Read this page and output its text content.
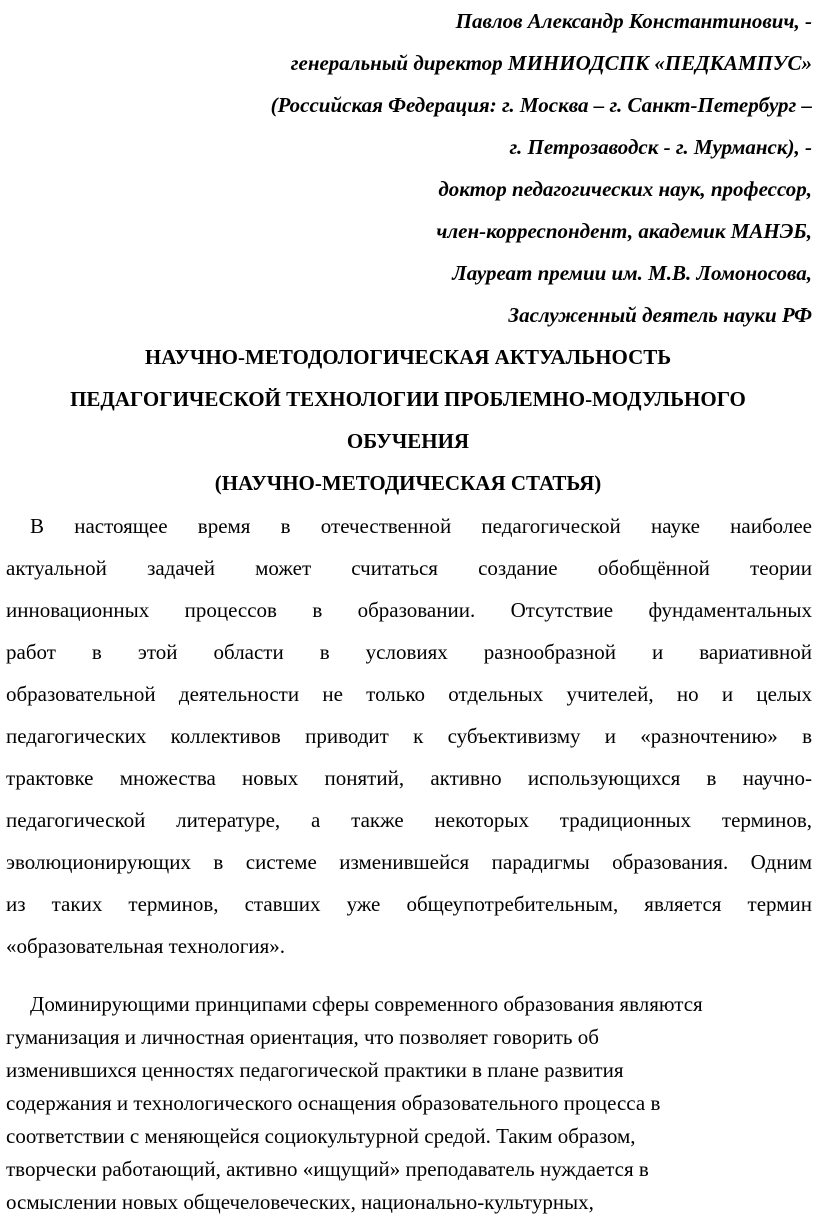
Павлов Александр Константинович, -
генеральный директор МИНИОДСПК «ПЕДКАМПУС»
(Российская Федерация: г. Москва – г. Санкт-Петербург –
г. Петрозаводск - г. Мурманск), -
доктор педагогических наук, профессор,
член-корреспондент, академик МАНЭБ,
Лауреат премии им. М.В. Ломоносова,
Заслуженный деятель науки РФ
НАУЧНО-МЕТОДОЛОГИЧЕСКАЯ АКТУАЛЬНОСТЬ
ПЕДАГОГИЧЕСКОЙ ТЕХНОЛОГИИ ПРОБЛЕМНО-МОДУЛЬНОГО
ОБУЧЕНИЯ
(НАУЧНО-МЕТОДИЧЕСКАЯ СТАТЬЯ)
В настоящее время в отечественной педагогической науке наиболее
актуальной задачей может считаться создание обобщённой теории
инновационных процессов в образовании. Отсутствие фундаментальных
работ в этой области в условиях разнообразной и вариативной
образовательной деятельности не только отдельных учителей, но и целых
педагогических коллективов приводит к субъективизму и «разночтению» в
трактовке множества новых понятий, активно использующихся в научно-
педагогической литературе, а также некоторых традиционных терминов,
эволюционирующих в системе изменившейся парадигмы образования. Одним
из таких терминов, ставших уже общеупотребительным, является термин
«образовательная технология».
Доминирующими принципами сферы современного образования являются
гуманизация и личностная ориентация, что позволяет говорить об
изменившихся ценностях педагогической практики в плане развития
содержания и технологического оснащения образовательного процесса в
соответствии с меняющейся социокультурной средой. Таким образом,
творчески работающий, активно «ищущий» преподаватель нуждается в
осмыслении новых общечеловеческих, национально-культурных,
